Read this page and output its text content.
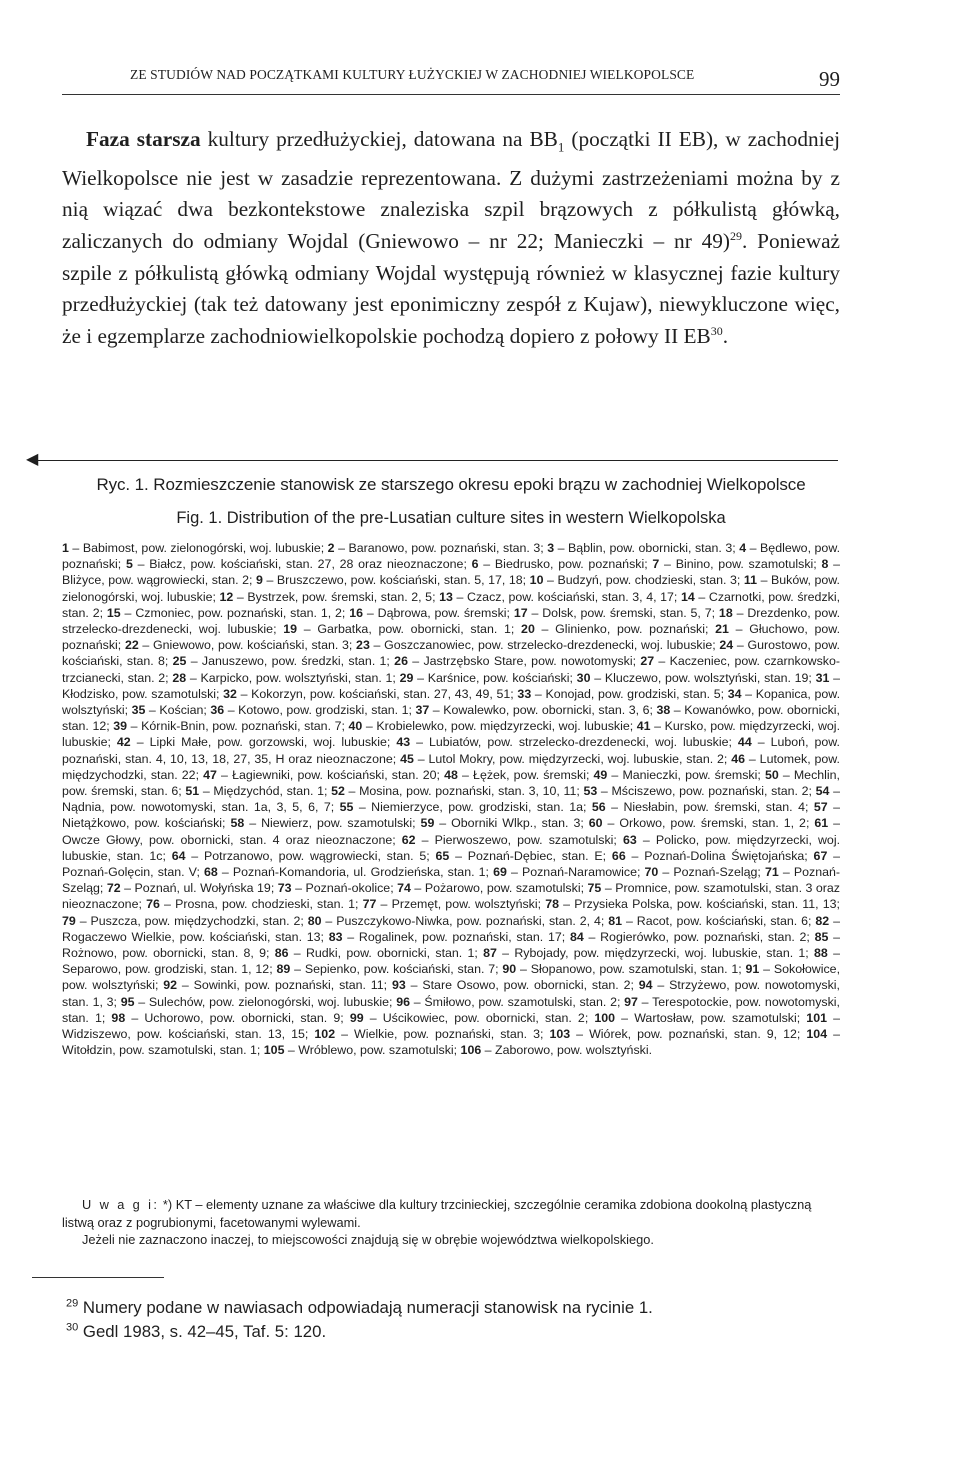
ZE STUDIÓW NAD POCZĄTKAMI KULTURY ŁUŻYCKIEJ W ZACHODNIEJ WIELKOPOLSCE	99

Faza starsza kultury przedłużyckiej, datowana na $BB_1$ (początki II EB), w zachodniej Wielkopolsce nie jest w zasadzie reprezentowana. Z dużymi zastrzeżeniami można by z nią wiązać dwa bezkontekstowe znaleziska szpil brązowych z półkulistą główką, zaliczanych do odmiany Wojdal (Gniewowo – nr 22; Manieczki – nr 49)$^{29}$. Ponieważ szpile z półkulistą główką odmiany Wojdal występują również w klasycznej fazie kultury przedłużyckiej (tak też datowany jest eponimiczny zespół z Kujaw), niewykluczone więc, że i egzemplarze zachodniowielkopolskie pochodzą dopiero z połowy II EB$^{30}$.

◀
Ryc. 1. Rozmieszczenie stanowisk ze starszego okresu epoki brązu w zachodniej Wielkopolsce
Fig. 1. Distribution of the pre-Lusatian culture sites in western Wielkopolska

1 – Babimost, pow. zielonogórski, woj. lubuskie; 2 – Baranowo, pow. poznański, stan. 3; 3 – Bąblin, pow. obornicki, stan. 3; 4 – Będlewo, pow. poznański; 5 – Białcz, pow. kościański, stan. 27, 28 oraz nieoznaczone; 6 – Biedrusko, pow. poznański; 7 – Binino, pow. szamotulski; 8 – Bliżyce, pow. wągrowiecki, stan. 2; 9 – Bruszczewo, pow. kościański, stan. 5, 17, 18; 10 – Budzyń, pow. chodzieski, stan. 3; 11 – Buków, pow. zielonogórski, woj. lubuskie; 12 – Bystrzek, pow. śremski, stan. 2, 5; 13 – Czacz, pow. kościański, stan. 3, 4, 17; 14 – Czarnotki, pow. średzki, stan. 2; 15 – Czmoniec, pow. poznański, stan. 1, 2; 16 – Dąbrowa, pow. śremski; 17 – Dolsk, pow. śremski, stan. 5, 7; 18 – Drezdenko, pow. strzelecko-drezdenecki, woj. lubuskie; 19 – Garbatka, pow. obornicki, stan. 1; 20 – Glinienko, pow. poznański; 21 – Głuchowo, pow. poznański; 22 – Gniewowo, pow. kościański, stan. 3; 23 – Goszczanowiec, pow. strzelecko-drezdenecki, woj. lubuskie; 24 – Gurostowo, pow. kościański, stan. 8; 25 – Januszewo, pow. średzki, stan. 1; 26 – Jastrzębsko Stare, pow. nowotomyski; 27 – Kaczeniec, pow. czarnkowsko-trzcianecki, stan. 2; 28 – Karpicko, pow. wolsztyński, stan. 1; 29 – Karśnice, pow. kościański; 30 – Kluczewo, pow. wolsztyński, stan. 19; 31 – Kłodzisko, pow. szamotulski; 32 – Kokorzyn, pow. kościański, stan. 27, 43, 49, 51; 33 – Konojad, pow. grodziski, stan. 5; 34 – Kopanica, pow. wolsztyński; 35 – Kościan; 36 – Kotowo, pow. grodziski, stan. 1; 37 – Kowalewko, pow. obornicki, stan. 3, 6; 38 – Kowanówko, pow. obornicki, stan. 12; 39 – Kórnik-Bnin, pow. poznański, stan. 7; 40 – Krobielewko, pow. międzyrzecki, woj. lubuskie; 41 – Kursko, pow. międzyrzecki, woj. lubuskie; 42 – Lipki Małe, pow. gorzowski, woj. lubuskie; 43 – Lubiatów, pow. strzelecko-drezdenecki, woj. lubuskie; 44 – Luboń, pow. poznański, stan. 4, 10, 13, 18, 27, 35, H oraz nieoznaczone; 45 – Lutol Mokry, pow. międzyrzecki, woj. lubuskie, stan. 2; 46 – Lutomek, pow. międzychodzki, stan. 22; 47 – Łagiewniki, pow. kościański, stan. 20; 48 – Łężek, pow. śremski; 49 – Manieczki, pow. śremski; 50 – Mechlin, pow. śremski, stan. 6; 51 – Międzychód, stan. 1; 52 – Mosina, pow. poznański, stan. 3, 10, 11; 53 – Mściszewo, pow. poznański, stan. 2; 54 – Nądnia, pow. nowotomyski, stan. 1a, 3, 5, 6, 7; 55 – Niemierzyce, pow. grodziski, stan. 1a; 56 – Niesłabin, pow. śremski, stan. 4; 57 – Nietążkowo, pow. kościański; 58 – Niewierz, pow. szamotulski; 59 – Oborniki Wlkp., stan. 3; 60 – Orkowo, pow. śremski, stan. 1, 2; 61 – Owcze Głowy, pow. obornicki, stan. 4 oraz nieoznaczone; 62 – Pierwoszewo, pow. szamotulski; 63 – Policko, pow. międzyrzecki, woj. lubuskie, stan. 1c; 64 – Potrzanowo, pow. wągrowiecki, stan. 5; 65 – Poznań-Dębiec, stan. E; 66 – Poznań-Dolina Świętojańska; 67 – Poznań-Golęcin, stan. V; 68 – Poznań-Komandoria, ul. Grodzieńska, stan. 1; 69 – Poznań-Naramowice; 70 – Poznań-Szeląg; 71 – Poznań-Szeląg; 72 – Poznań, ul. Wołyńska 19; 73 – Poznań-okolice; 74 – Pożarowo, pow. szamotulski; 75 – Promnice, pow. szamotulski, stan. 3 oraz nieoznaczone; 76 – Prosna, pow. chodzieski, stan. 1; 77 – Przemęt, pow. wolsztyński; 78 – Przysieka Polska, pow. kościański, stan. 11, 13; 79 – Puszcza, pow. międzychodzki, stan. 2; 80 – Puszczykowo-Niwka, pow. poznański, stan. 2, 4; 81 – Racot, pow. kościański, stan. 6; 82 – Rogaczewo Wielkie, pow. kościański, stan. 13; 83 – Rogalinek, pow. poznański, stan. 17; 84 – Rogierówko, pow. poznański, stan. 2; 85 – Rożnowo, pow. obornicki, stan. 8, 9; 86 – Rudki, pow. obornicki, stan. 1; 87 – Rybojady, pow. międzyrzecki, woj. lubuskie, stan. 1; 88 – Separowo, pow. grodziski, stan. 1, 12; 89 – Sepienko, pow. kościański, stan. 7; 90 – Słopanowo, pow. szamotulski, stan. 1; 91 – Sokołowice, pow. wolsztyński; 92 – Sowinki, pow. poznański, stan. 11; 93 – Stare Osowo, pow. obornicki, stan. 2; 94 – Strzyżewo, pow. nowotomyski, stan. 1, 3; 95 – Sulechów, pow. zielonogórski, woj. lubuskie; 96 – Śmiłowo, pow. szamotulski, stan. 2; 97 – Terespotockie, pow. nowotomyski, stan. 1; 98 – Uchorowo, pow. obornicki, stan. 9; 99 – Uścikowiec, pow. obornicki, stan. 2; 100 – Wartosław, pow. szamotulski; 101 – Widziszewo, pow. kościański, stan. 13, 15; 102 – Wielkie, pow. poznański, stan. 3; 103 – Wiórek, pow. poznański, stan. 9, 12; 104 – Witołdzin, pow. szamotulski, stan. 1; 105 – Wróblewo, pow. szamotulski; 106 – Zaborowo, pow. wolsztyński.

U w a g i: *) KT – elementy uznane za właściwe dla kultury trzcinieckiej, szczególnie ceramika zdobiona dookolną plastyczną listwą oraz z pogrubionymi, facetowanymi wylewami.

Jeżeli nie zaznaczono inaczej, to miejscowości znajdują się w obrębie województwa wielkopolskiego.

$^{29}$ Numery podane w nawiasach odpowiadają numeracji stanowisk na rycinie 1.

$^{30}$ Gedl 1983, s. 42–45, Taf. 5: 120.
